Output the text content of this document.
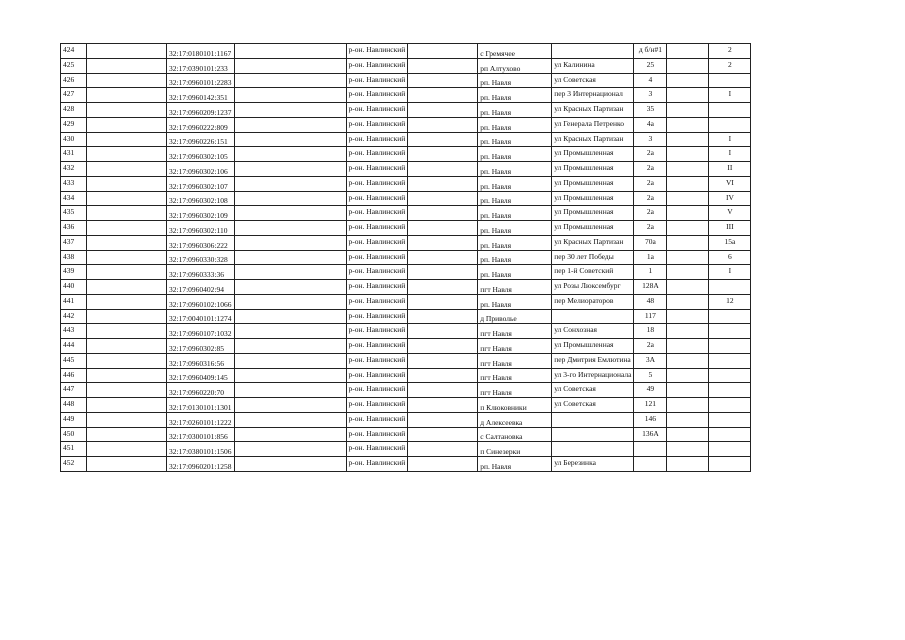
424		32:17:0180101:1167		р-он. Навлинский		с Гремячее		д б/н#1		2
425		32:17:0390101:233		р-он. Навлинский		рп Алтухово	ул Калинина	25		2
426		32:17:0960101:2283		р-он. Навлинский		рп. Навля	ул Советская	4		
427		32:17:0960142:351		р-он. Навлинский		рп. Навля	пер 3 Интернационал	3		I
428		32:17:0960209:1237		р-он. Навлинский		рп. Навля	ул Красных Партизан	35		
429		32:17:0960222:809		р-он. Навлинский		рп. Навля	ул Генерала Петренко	4а		
430		32:17:0960226:151		р-он. Навлинский		рп. Навля	ул Красных Партизан	3		I
431		32:17:0960302:105		р-он. Навлинский		рп. Навля	ул Промышленная	2а		I
432		32:17:0960302:106		р-он. Навлинский		рп. Навля	ул Промышленная	2а		II
433		32:17:0960302:107		р-он. Навлинский		рп. Навля	ул Промышленная	2а		VI
434		32:17:0960302:108		р-он. Навлинский		рп. Навля	ул Промышленная	2а		IV
435		32:17:0960302:109		р-он. Навлинский		рп. Навля	ул Промышленная	2а		V
436		32:17:0960302:110		р-он. Навлинский		рп. Навля	ул Промышленная	2а		III
437		32:17:0960306:222		р-он. Навлинский		рп. Навля	ул Красных Партизан	70а		15а
438		32:17:0960330:328		р-он. Навлинский		рп. Навля	пер 30 лет Победы	1а		6
439		32:17:0960333:36		р-он. Навлинский		рп. Навля	пер 1-й Советский	1		I
440		32:17:0960402:94		р-он. Навлинский		пгт Навля	ул Розы Люксембург	128А		
441		32:17:0960102:1066		р-он. Навлинский		рп. Навля	пер Мелиораторов	48		12
442		32:17:0040101:1274		р-он. Навлинский		д Приволье		117		
443		32:17:0960107:1032		р-он. Навлинский		пгт Навля	ул Сонхозная	18		
444		32:17:0960302:85		р-он. Навлинский		пгт Навля	ул Промышленная	2а		
445		32:17:0960316:56		р-он. Навлинский		пгт Навля	пер Дмитрия Емлютина	3А		
446		32:17:0960409:145		р-он. Навлинский		пгт Навля	ул 3-го Интернационала	5		
447		32:17:0960220:70		р-он. Навлинский		пгт Навля	ул Советская	49		
448		32:17:0130101:1301		р-он. Навлинский		п Клюковники	ул Советская	121		
449		32:17:0260101:1222		р-он. Навлинский		д Алексеевка		146		
450		32:17:0300101:856		р-он. Навлинский		с Салтановка		136А		
451		32:17:0380101:1506		р-он. Навлинский		п Синезерки				
452		32:17:0960201:1258		р-он. Навлинский		рп. Навля	ул Березинка			
